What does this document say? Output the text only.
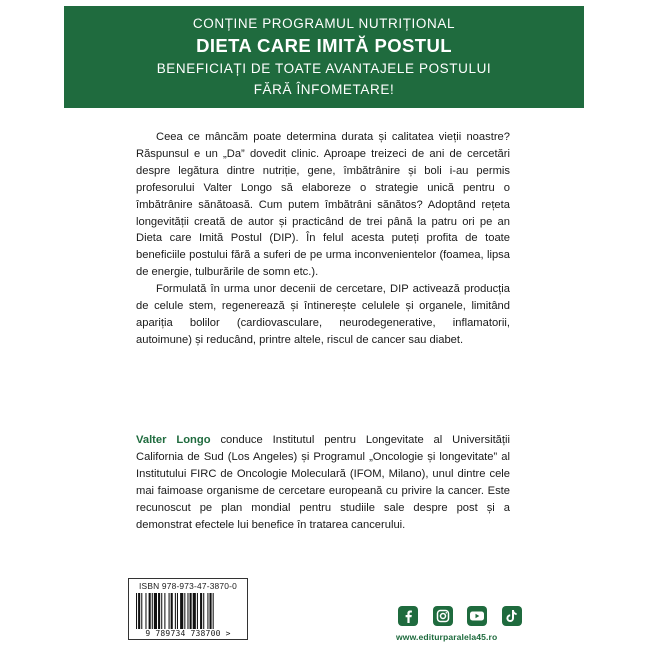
CONȚINE PROGRAMUL NUTRIȚIONAL
DIETA CARE IMITĂ POSTUL
BENEFICIAȚI DE TOATE AVANTAJELE POSTULUI
FĂRĂ ÎNFOMETARE!

Ceea ce mâncăm poate determina durata și calitatea vieții noastre? Răspunsul e un „Da” dovedit clinic. Aproape treizeci de ani de cercetări despre legătura dintre nutriție, gene, îmbătrânire și boli i-au permis profesorului Valter Longo să elaboreze o strategie unică pentru o îmbătrânire sănătoasă. Cum putem îmbătrâni sănătos? Adoptând rețeta longevității creată de autor și practicând de trei până la patru ori pe an Dieta care Imită Postul (DIP). În felul acesta puteți profita de toate beneficiile postului fără a suferi de pe urma inconvenientelor (foamea, lipsa de energie, tulburările de somn etc.).

Formulată în urma unor decenii de cercetare, DIP activează producția de celule stem, regenerează și întinerește celulele și organele, limitând apariția bolilor (cardiovasculare, neurodegenerative, inflamatorii, autoimune) și reducând, printre altele, riscul de cancer sau diabet.

Valter Longo conduce Institutul pentru Longevitate al Universității California de Sud (Los Angeles) și Programul „Oncologie și longevitate” al Institutului FIRC de Oncologie Moleculară (IFOM, Milano), unul dintre cele mai faimoase organisme de cercetare europeană cu privire la cancer. Este recunoscut pe plan mondial pentru studiile sale despre post și a demonstrat efectele lui benefice în tratarea cancerului.
ISBN 978-973-47-3870-0
9 789734 738700 >	www.editurparalela45.ro
